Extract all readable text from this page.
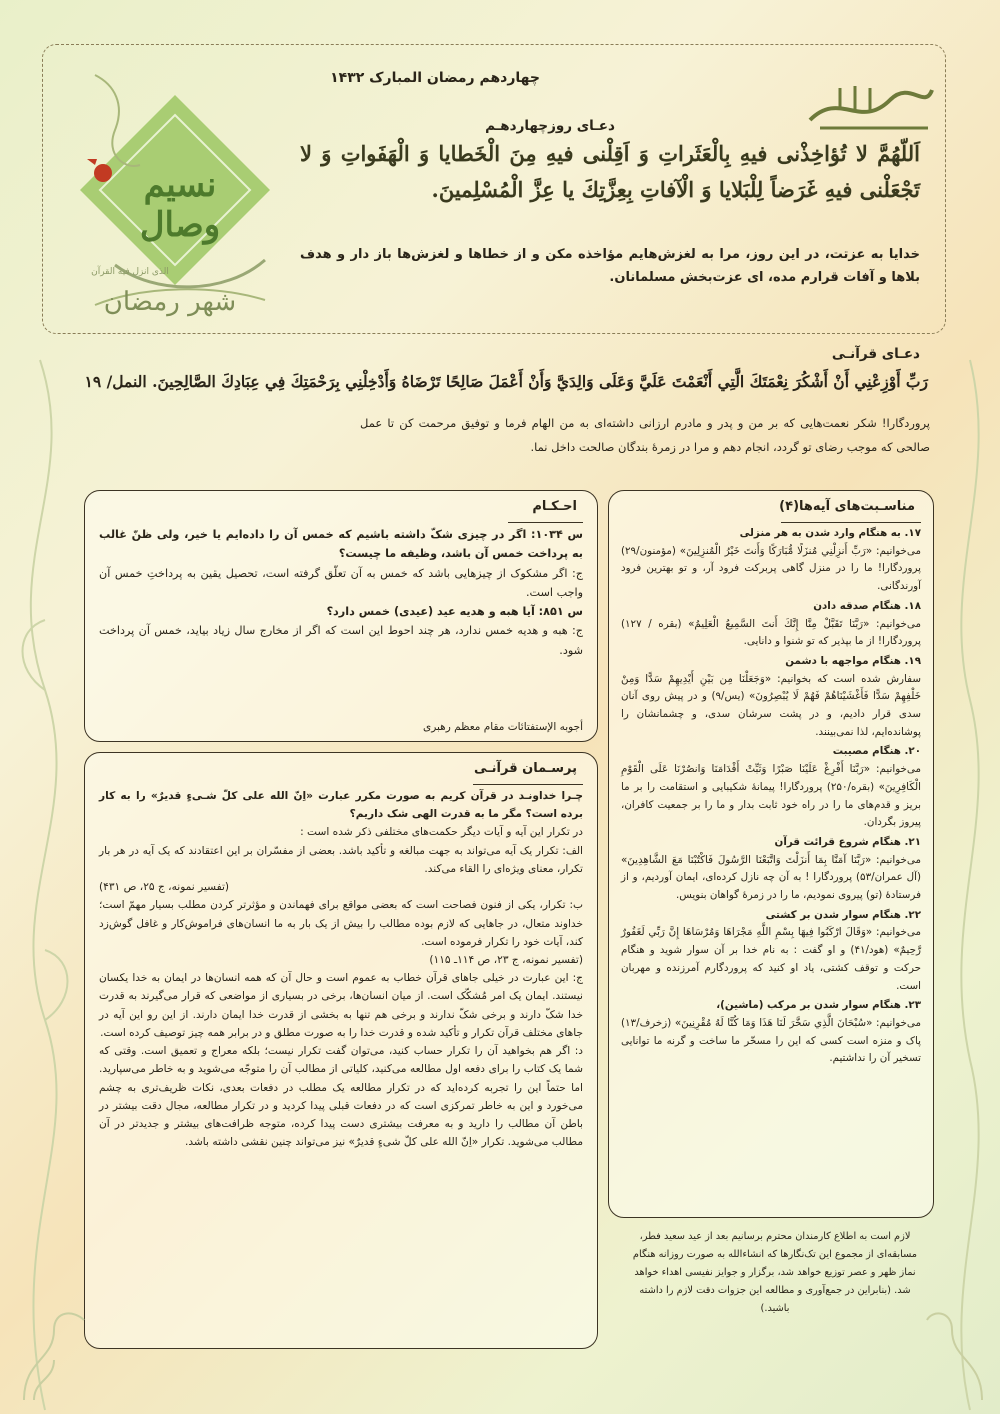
چهاردهم رمضان المبارک ۱۴۳۲
نسیم وصال
شهر رمضان
الذی انزل فیه القرآن
دعـای روزچهاردهـم
اَللّهُمَّ لا تُؤاخِذْنى فيهِ بِالْعَثَراتِ وَ اَقِلْنى فيهِ مِنَ الْخَطايا وَ الْهَفَواتِ وَ لا تَجْعَلْنى فيهِ غَرَضاً لِلْبَلايا وَ الْآفاتِ بِعِزَّتِكَ يا عِزَّ الْمُسْلِمينَ.
خدایا به عزتت، در این روز، مرا به لغزش‌هایم مؤاخذه مکن و از خطاها و لغزش‌ها باز دار و هدف بلاها و آفات قرارم مده، ای عزت‌بخش مسلمانان.
دعـای قرآنـی
رَبِّ أَوْزِعْنِي أَنْ أَشْكُرَ نِعْمَتَكَ الَّتِي أَنْعَمْتَ عَلَيَّ وَعَلَى وَالِدَيَّ وَأَنْ أَعْمَلَ صَالِحًا تَرْضَاهُ وَأَدْخِلْنِي بِرَحْمَتِكَ فِي عِبَادِكَ الصَّالِحِينَ. النمل/ ۱۹
پروردگارا! شکر نعمت‌هایی که بر من و پدر و مادرم ارزانی داشته‌ای به من الهام فرما و توفیق مرحمت کن تا عمل صالحی که موجب رضای تو گردد، انجام دهم و مرا در زمرهٔ بندگان صالحت داخل نما.
احـکـام

س ۱۰۳۴: اگر در چیزی شکّ داشته باشیم که خمس آن را داده‌ایم یا خیر، ولی ظنّ غالب به پرداخت خمس آن باشد، وظیفه ما چیست؟

ج: اگر مشکوک از چیزهایی باشد که خمس به آن تعلّق گرفته است، تحصیل یقین به پرداختِ خمس آن واجب است.

س ۸۵۱: آیا هبه و هدیه عید (عیدی) خمس دارد؟

ج: هبه و هدیه خمس ندارد، هر چند احوط این است که اگر از مخارج سال زیاد بیاید، خمس آن پرداخت شود.

أجوبه الإستفتائات مقام معظم رهبری
پرسـمان قرآنـی

چـرا خداونـد در قرآن کریم به صورت مکرر عبارت «اِنّ الله علی کلّ شـیءٍ قدیرٌ» را به کار برده است؟ مگر ما به قدرت الهی شک داریم؟

در تکرار این آیه و آیات دیگر حکمت‌های مختلفی ذکر شده است :

الف: تکرار یک آیه می‌تواند به جهت مبالغه و تأکید باشد. بعضی از مفسّران بر این اعتقادند که یک آیه در هر بار تکرار، معنای ویژه‌ای را القاء می‌کند.

(تفسیر نمونه، ج ۲۵، ص ۴۳۱)

ب: تکرار، یکی از فنون فصاحت است که بعضی مواقع برای فهماندن و مؤثرتر کردن مطلب بسیار مهمّ است؛ خداوند متعال، در جاهایی که لازم بوده مطالب را بیش از یک بار به ما انسان‌های فراموش‌کار و غافل گوش‌زد کند، آیات خود را تکرار فرموده است.

(تفسیر نمونه، ج ۲۳، ص ۱۱۴ـ ۱۱۵)

ج: این عبارت در خیلی جاهای قرآن خطاب به عموم است و حال آن که همه انسان‌ها در ایمان به خدا یکسان نیستند. ایمان یک امر مُشکّک است. از میان انسان‌ها، برخی در بسیاری از مواضعی که قرار می‌گیرند به قدرت خدا شکّ دارند و برخی شکّ ندارند و برخی هم تنها به بخشی از قدرت خدا ایمان دارند. از این رو این آیه در جاهای مختلف قرآن تکرار و تأکید شده و قدرت خدا را به صورت مطلق و در برابر همه چیز توصیف کرده است.

د: اگر هم بخواهید آن را تکرار حساب کنید، می‌توان گفت تکرار نیست؛ بلکه معراج و تعمیق است. وقتی که شما یک کتاب را برای دفعه اول مطالعه می‌کنید، کلیاتی از مطالب آن را متوجّه می‌شوید و به خاطر می‌سپارید. اما حتماً این را تجربه کرده‌اید که در تکرار مطالعه یک مطلب در دفعات بعدی، نکات ظریف‌تری به چشم می‌خورد و این به خاطر تمرکزی است که در دفعات قبلی پیدا کردید و در تکرار مطالعه، مجال دقت بیشتر در باطن آن مطالب را دارید و به معرفت بیشتری دست پیدا کرده، متوجه ظرافت‌های بیشتر و جدیدتر در آن مطالب می‌شوید. تکرار «اِنّ الله علی کلّ شیءٍ قدیرٌ» نیز می‌تواند چنین نقشی داشته باشد.

مناسـبت‌های آیه‌ها(۴)

۱۷. به هنگام وارد شدن به هر منزلی

می‌خوانیم: «رَبِّ أَنزِلْنِي مُنزَلًا مُّبَارَكًا وَأَنتَ خَيْرُ الْمُنزِلِينَ» (مؤمنون/۲۹) پروردگارا! ما را در منزل گاهی پربرکت فرود آر، و تو بهترین فرود آورندگانی.

۱۸. هنگام صدقه دادن

می‌خوانیم: «رَبَّنَا تَقَبَّلْ مِنَّا إِنَّكَ أَنتَ السَّمِيعُ الْعَلِيمُ» (بقره / ۱۲۷) پروردگارا! از ما بپذیر که تو شنوا و دانایی.

۱۹. هنگام مواجهه با دشمن

سفارش شده است که بخوانیم: «وَجَعَلْنَا مِن بَيْنِ أَيْدِيهِمْ سَدًّا وَمِنْ خَلْفِهِمْ سَدًّا فَأَغْشَيْنَاهُمْ فَهُمْ لَا يُبْصِرُونَ» (یس/۹) و در پیش روی آنان سدی قرار دادیم، و در پشت سرشان سدی، و چشمانشان را پوشانده‌ایم، لذا نمی‌بینند.

۲۰. هنگام مصیبت

می‌خوانیم: «رَبَّنَا أَفْرِغْ عَلَيْنَا صَبْرًا وَثَبِّتْ أَقْدَامَنَا وَانصُرْنَا عَلَى الْقَوْمِ الْكَافِرِينَ» (بقره/۲۵۰) پروردگارا! پیمانهٔ شکیبایی و استقامت را بر ما بریز و قدم‌های ما را در راه خود ثابت بدار و ما را بر جمعیت کافران، پیروز بگردان.

۲۱. هنگام شروع قرائت قرآن

می‌خوانیم: «رَبَّنَا آمَنَّا بِمَا أَنزَلْتَ وَاتَّبَعْنَا الرَّسُولَ فَاكْتُبْنَا مَعَ الشَّاهِدِينَ» (آل عمران/۵۳) پروردگارا ! به آن چه نازل کرده‌ای، ایمان آوردیم، و از فرستادهٔ (تو) پیروی نمودیم، ما را در زمرهٔ گواهان بنویس.

۲۲. هنگام سوار شدن بر کشتی

می‌خوانیم: «وَقَالَ ارْكَبُوا فِيهَا بِسْمِ اللَّهِ مَجْرَاهَا وَمُرْسَاهَا إِنَّ رَبِّي لَغَفُورٌ رَّحِيمٌ» (هود/۴۱) و او گفت : به نام خدا بر آن سوار شوید و هنگام حرکت و توقف کشتی، یاد او کنید که پروردگارم آمرزنده و مهربان است.

۲۳. هنگام سوار شدن بر مرکب (ماشین)،

می‌خوانیم: «سُبْحَانَ الَّذِي سَخَّرَ لَنَا هَذَا وَمَا كُنَّا لَهُ مُقْرِنِينَ» (زخرف/۱۳) پاک و منزه است کسی که این را مسخّر ما ساخت و گرنه ما توانایی تسخیر آن را نداشتیم.

لازم است به اطلاع کارمندان محترم برسانیم بعد از عید سعید فطر، مسابقه‌ای از مجموع این تک‌نگارها که انشاءالله به صورت روزانه هنگام نماز ظهر و عصر توزیع خواهد شد، برگزار و جوایز نفیسی اهداء خواهد شد. (بنابراین در جمع‌آوری و مطالعه این جزوات دقت لازم را داشته باشید.)
